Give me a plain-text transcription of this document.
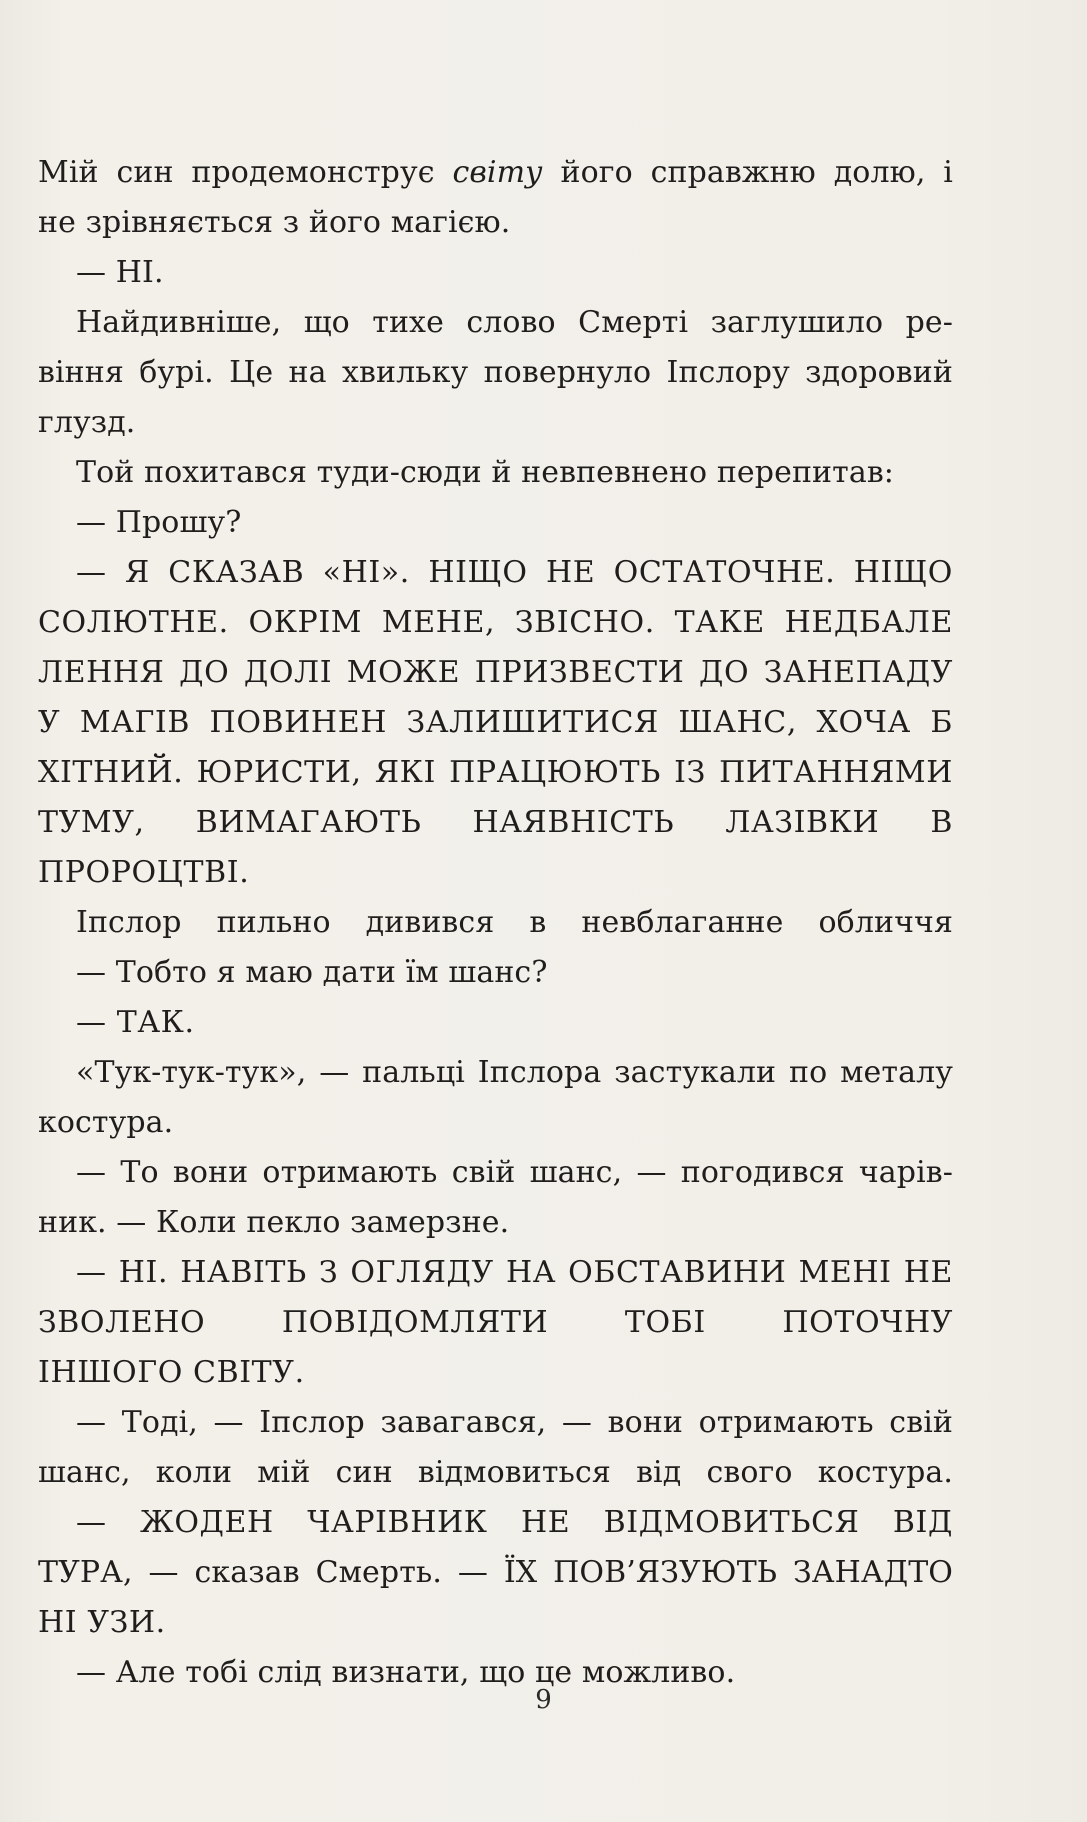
Мій син продемонструє світу його справжню долю, і
не зрівняється з його магією.
— НІ.
Найдивніше, що тихе слово Смерті заглушило ре-
віння бурі. Це на хвильку повернуло Іпслору здоровий
глузд.
Той похитався туди-сюди й невпевнено перепитав:
— Прошу?
— Я СКАЗАВ «НІ». НІЩО НЕ ОСТАТОЧНЕ. НІЩО
СОЛЮТНЕ. ОКРІМ МЕНЕ, ЗВІСНО. ТАКЕ НЕДБАЛЕ
ЛЕННЯ ДО ДОЛІ МОЖЕ ПРИЗВЕСТИ ДО ЗАНЕПАДУ
У МАГІВ ПОВИНЕН ЗАЛИШИТИСЯ ШАНС, ХОЧА Б
ХІТНИЙ. ЮРИСТИ, ЯКІ ПРАЦЮЮТЬ ІЗ ПИТАННЯМИ
ТУМУ, ВИМАГАЮТЬ НАЯВНІСТЬ ЛАЗІВКИ В
ПРОРОЦТВІ.
Іпслор пильно дивився в невблаганне обличчя
— Тобто я маю дати їм шанс?
— ТАК.
«Тук-тук-тук», — пальці Іпслора застукали по металу
костура.
— То вони отримають свій шанс, — погодився чарів-
ник. — Коли пекло замерзне.
— НІ. НАВІТЬ З ОГЛЯДУ НА ОБСТАВИНИ МЕНІ НЕ
ЗВОЛЕНО ПОВІДОМЛЯТИ ТОБІ ПОТОЧНУ
ІНШОГО СВІТУ.
— Тоді, — Іпслор завагався, — вони отримають свій
шанс, коли мій син відмовиться від свого костура.
— ЖОДЕН ЧАРІВНИК НЕ ВІДМОВИТЬСЯ ВІД
ТУРА, — сказав Смерть. — ЇХ ПОВ’ЯЗУЮТЬ ЗАНАДТО
НІ УЗИ.
— Але тобі слід визнати, що це можливо.
9
